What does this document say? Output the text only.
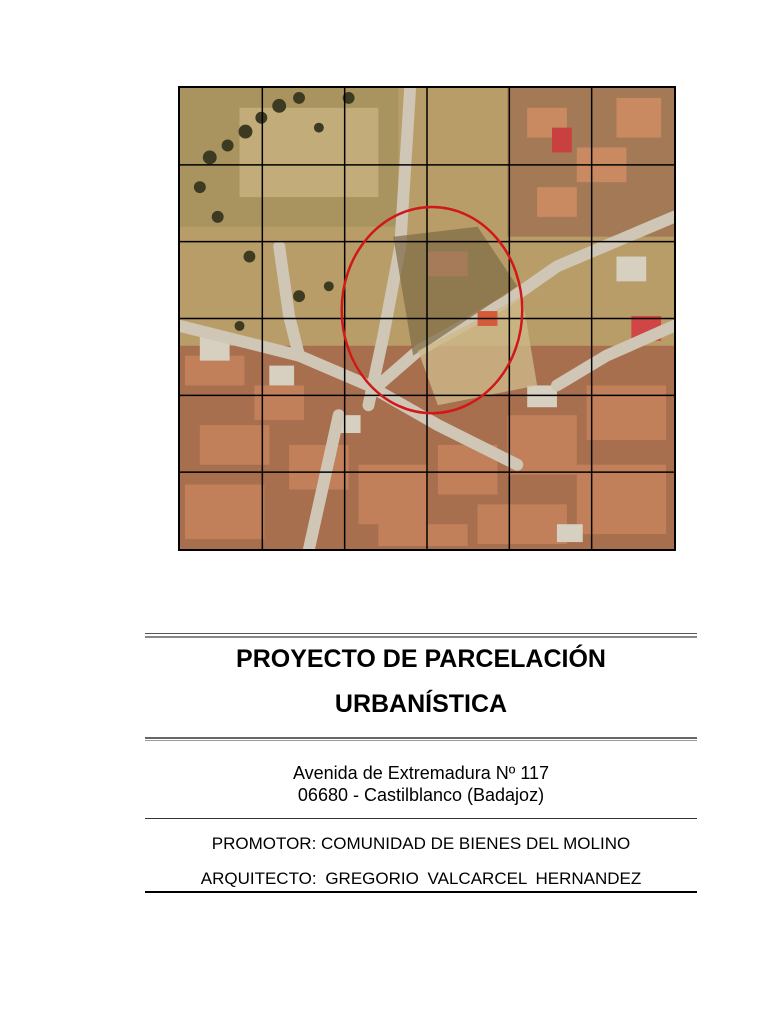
PROYECTO DE PARCELACIÓN
URBANÍSTICA
Avenida de Extremadura Nº 117
06680 - Castilblanco (Badajoz)
PROMOTOR: COMUNIDAD DE BIENES DEL MOLINO
ARQUITECTO: GREGORIO VALCARCEL HERNANDEZ
